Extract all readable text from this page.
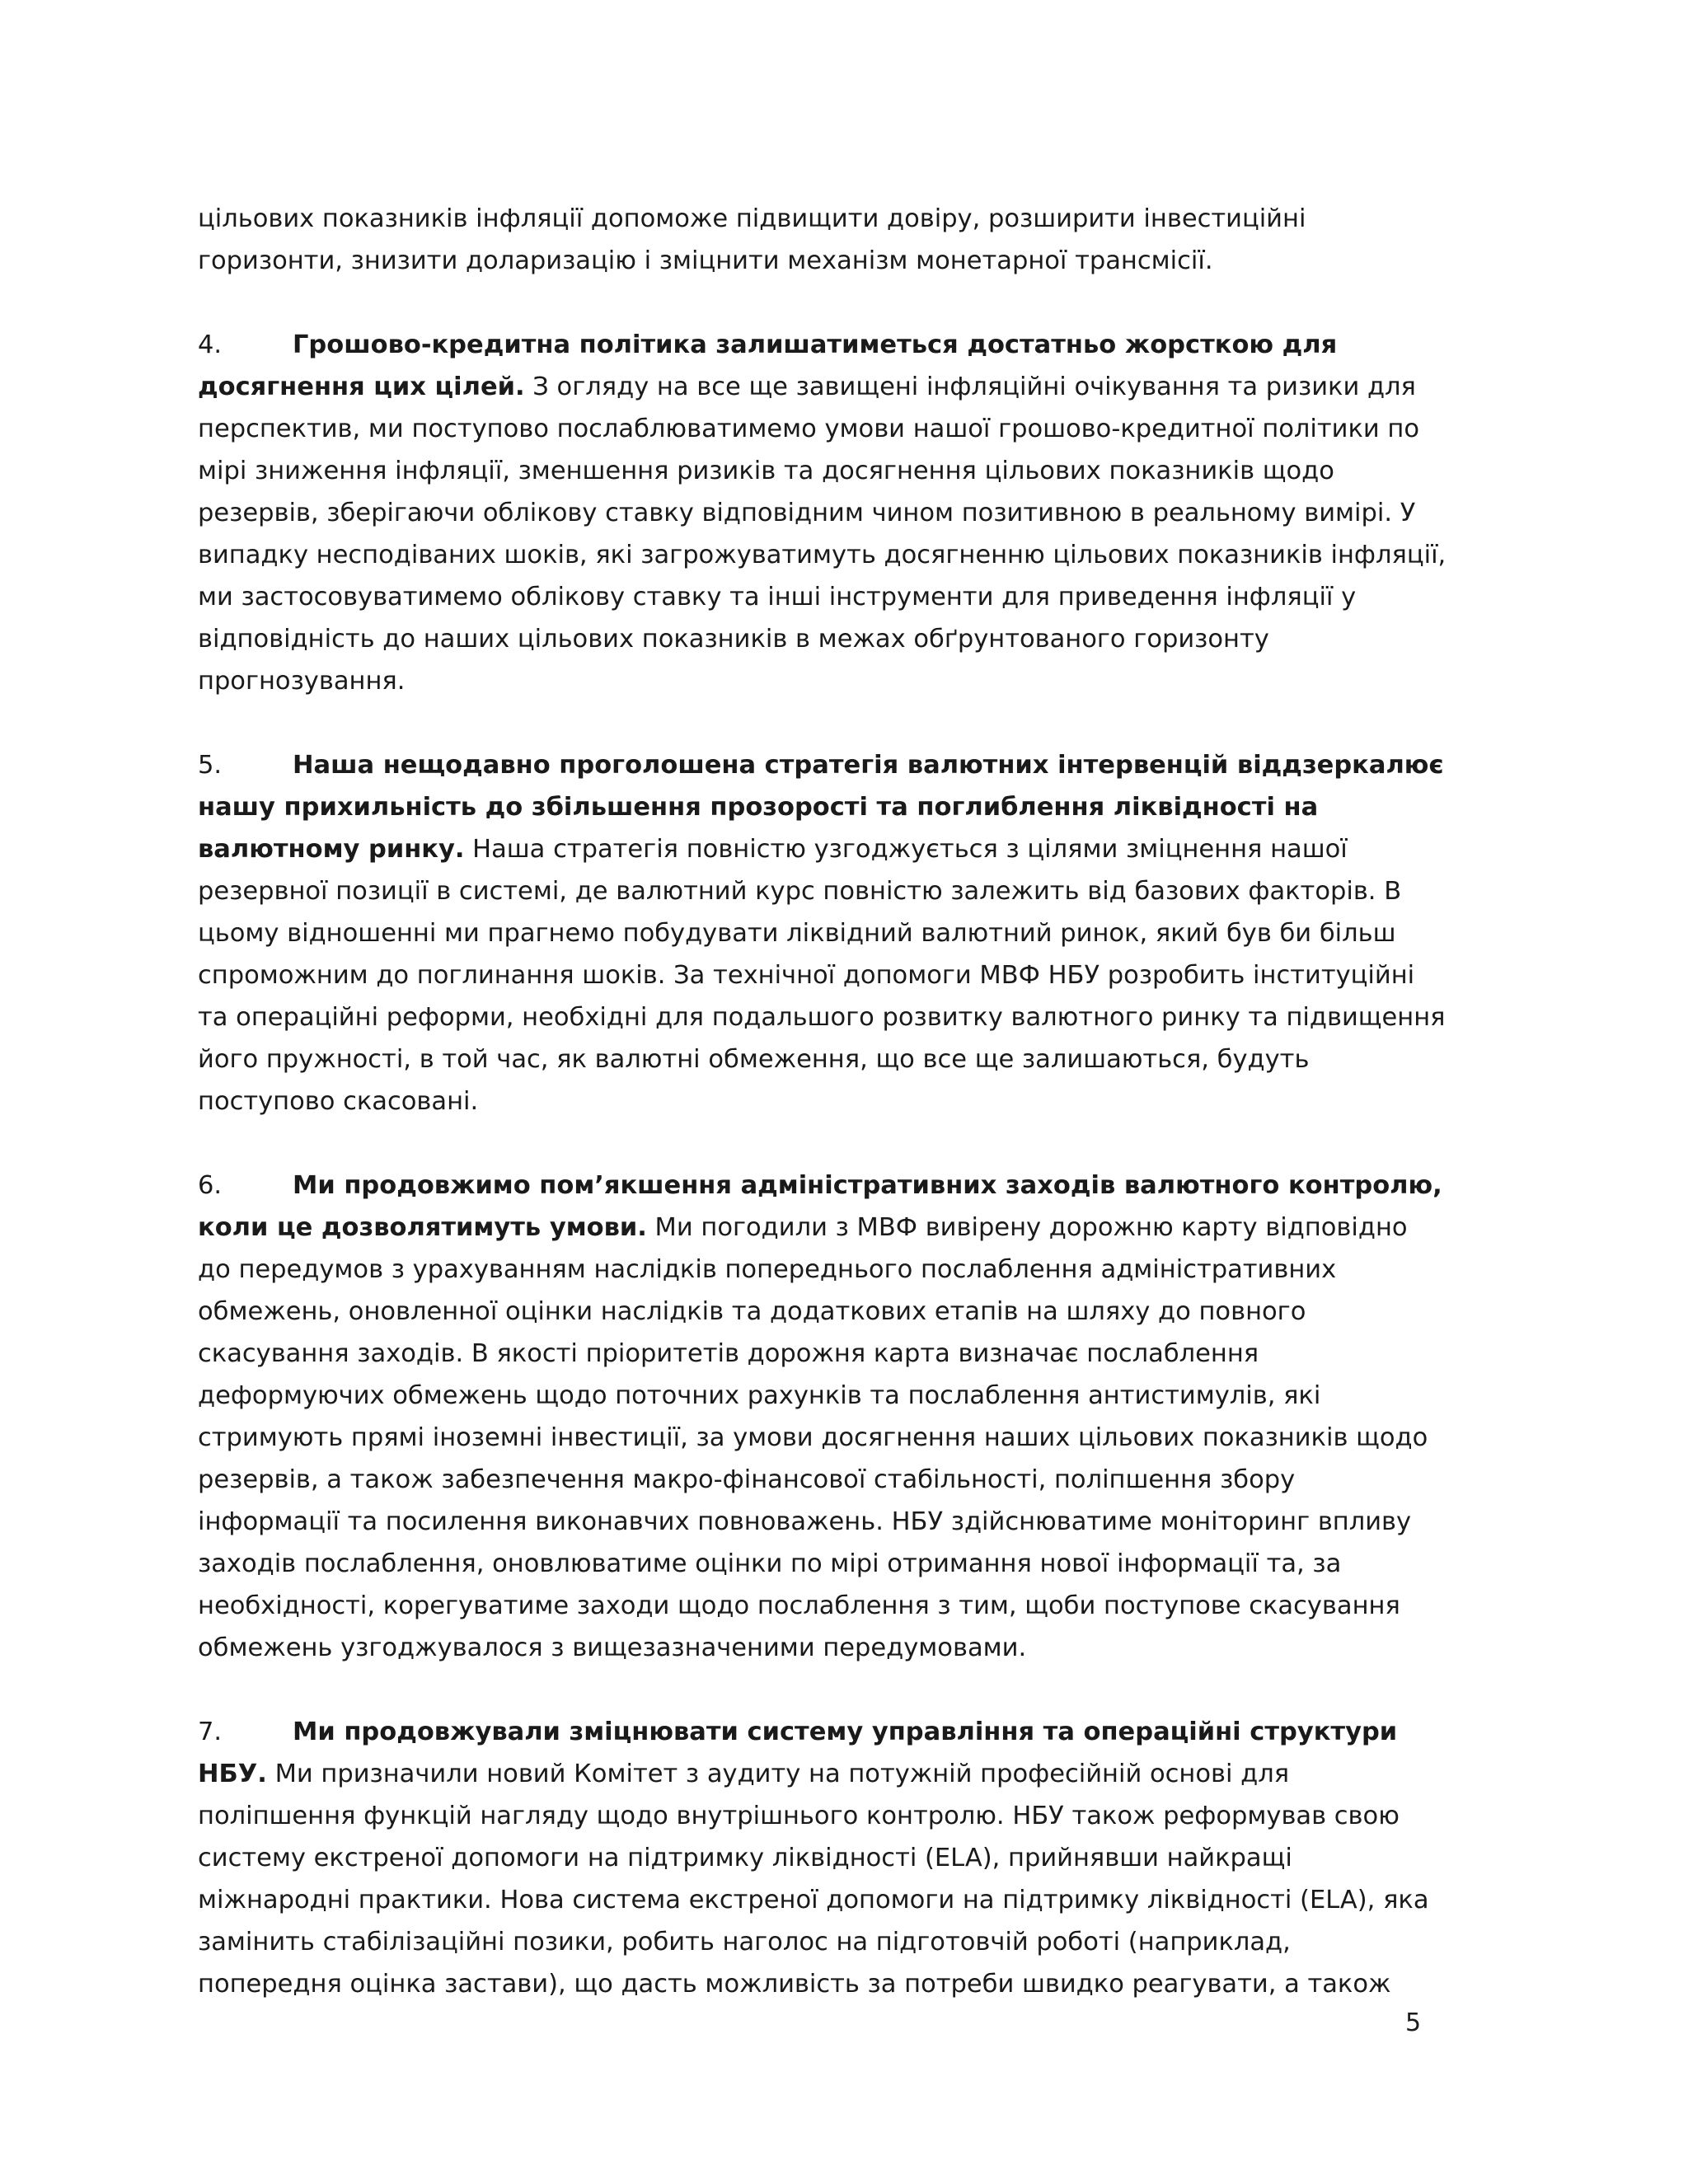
цільових показників інфляції допоможе підвищити довіру, розширити інвестиційні
горизонти, знизити доларизацію і зміцнити механізм монетарної трансмісії.

4.	Грошово-кредитна політика залишатиметься достатньо жорсткою для
досягнення цих цілей. З огляду на все ще завищені інфляційні очікування та ризики для
перспектив, ми поступово послаблюватимемо умови нашої грошово-кредитної політики по
мірі зниження інфляції, зменшення ризиків та досягнення цільових показників щодо
резервів, зберігаючи облікову ставку відповідним чином позитивною в реальному вимірі. У
випадку несподіваних шоків, які загрожуватимуть досягненню цільових показників інфляції,
ми застосовуватимемо облікову ставку та інші інструменти для приведення інфляції у
відповідність до наших цільових показників в межах обґрунтованого горизонту
прогнозування.

5.	Наша нещодавно проголошена стратегія валютних інтервенцій віддзеркалює
нашу прихильність до збільшення прозорості та поглиблення ліквідності на
валютному ринку. Наша стратегія повністю узгоджується з цілями зміцнення нашої
резервної позиції в системі, де валютний курс повністю залежить від базових факторів. В
цьому відношенні ми прагнемо побудувати ліквідний валютний ринок, який був би більш
спроможним до поглинання шоків. За технічної допомоги МВФ НБУ розробить інституційні
та операційні реформи, необхідні для подальшого розвитку валютного ринку та підвищення
його пружності, в той час, як валютні обмеження, що все ще залишаються, будуть
поступово скасовані.

6.	Ми продовжимо пом’якшення адміністративних заходів валютного контролю,
коли це дозволятимуть умови. Ми погодили з МВФ вивірену дорожню карту відповідно
до передумов з урахуванням наслідків попереднього послаблення адміністративних
обмежень, оновленної оцінки наслідків та додаткових етапів на шляху до повного
скасування заходів. В якості пріоритетів дорожня карта визначає послаблення
деформуючих обмежень щодо поточних рахунків та послаблення антистимулів, які
стримують прямі іноземні інвестиції, за умови досягнення наших цільових показників щодо
резервів, а також забезпечення макро-фінансової стабільності, поліпшення збору
інформації та посилення виконавчих повноважень. НБУ здійснюватиме моніторинг впливу
заходів послаблення, оновлюватиме оцінки по мірі отримання нової інформації та, за
необхідності, корегуватиме заходи щодо послаблення з тим, щоби поступове скасування
обмежень узгоджувалося з вищезазначеними передумовами.

7.	Ми продовжували зміцнювати систему управління та операційні структури
НБУ. Ми призначили новий Комітет з аудиту на потужній професійній основі для
поліпшення функцій нагляду щодо внутрішнього контролю. НБУ також реформував свою
систему екстреної допомоги на підтримку ліквідності (ELA), прийнявши найкращі
міжнародні практики. Нова система екстреної допомоги на підтримку ліквідності (ELA), яка
замінить стабілізаційні позики, робить наголос на підготовчій роботі (наприклад,
попередня оцінка застави), що дасть можливість за потреби швидко реагувати, а також

5
